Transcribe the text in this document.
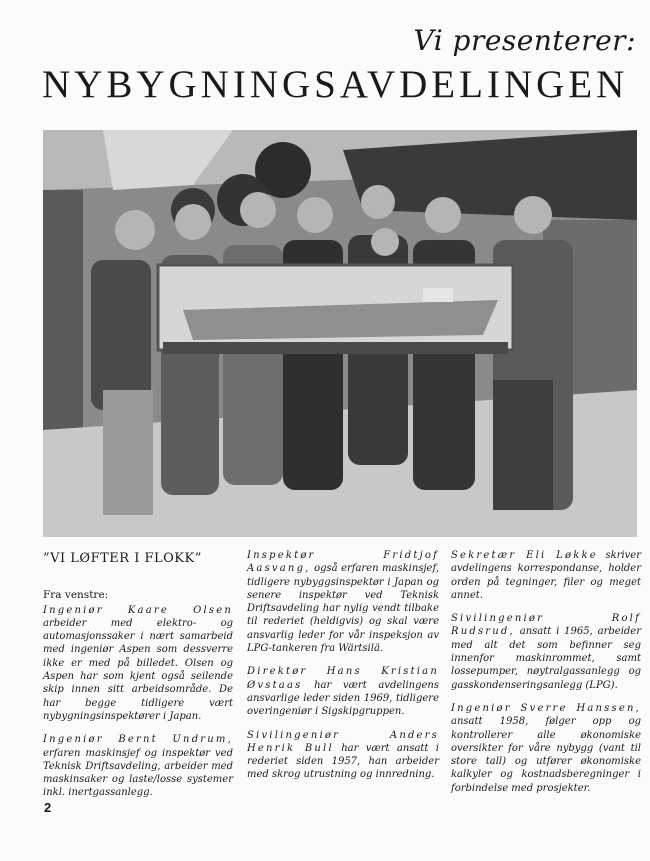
Vi presenterer:
NYBYGNINGSAVDELINGEN
”VI LØFTER I FLOKK”
Fra venstre:

Ingeniør Kaare Olsen arbeider med elektro- og automasjonssaker i nært samarbeid med ingeniør Aspen som dessverre ikke er med på billedet. Olsen og Aspen har som kjent også seilende skip innen sitt arbeidsområde. De har begge tidligere vært nybygningsinspektører i Japan.

Ingeniør Bernt Undrum, erfaren maskinsjef og inspektør ved Teknisk Driftsavdeling, arbeider med maskinsaker og laste/losse systemer inkl. inertgassanlegg.

Inspektør Fridtjof Aasvang, også erfaren maskinsjef, tidligere nybyggsinspektør i Japan og senere inspektør ved Teknisk Driftsavdeling har nylig vendt tilbake til rederiet (heldigvis) og skal være ansvarlig leder for vår inspeksjon av LPG-tankeren fra Wärtsilä.

Direktør Hans Kristian Øvstaas har vært avdelingens ansvarlige leder siden 1969, tidligere overingeniør i Sigskipgruppen.

Sivilingeniør Anders Henrik Bull har vært ansatt i rederiet siden 1957, han arbeider med skrog utrustning og innredning.

Sekretær Eli Løkke skriver avdelingens korrespondanse, holder orden på tegninger, filer og meget annet.

Sivilingeniør Rolf Rudsrud, ansatt i 1965, arbeider med alt det som befinner seg innenfor maskinrommet, samt lossepumper, nøytralgassanlegg og gasskondenseringsanlegg (LPG).

Ingeniør Sverre Hanssen, ansatt 1958, følger opp og kontrollerer alle økonomiske oversikter for våre nybygg (vant til store tall) og utfører økonomiske kalkyler og kostnadsberegninger i forbindelse med prosjekter.

2
